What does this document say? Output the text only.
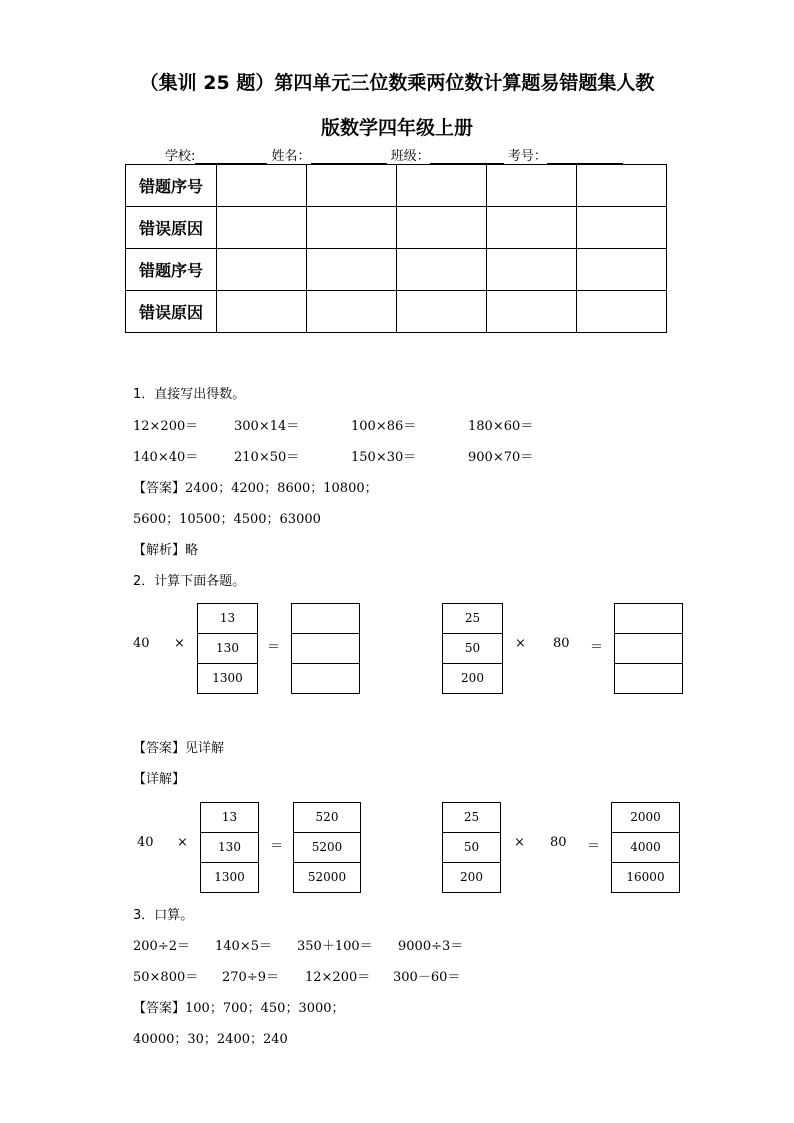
（集训 25 题）第四单元三位数乘两位数计算题易错题集人教
版数学四年级上册
学校:	姓名：	班级：	考号：
错题序号					
错误原因					
错题序号					
错误原因					
1．直接写出得数。
12×200＝	300×14＝	100×86＝	180×60＝
140×40＝	210×50＝	150×30＝	900×70＝
【答案】2400；4200；8600；10800；
5600；10500；4500；63000
【解析】略
2．计算下面各题。
40 ×
13
130
1300
＝
25
50
200
× 80 ＝
【答案】见详解
【详解】
40 ×
13
130
1300
＝
520
5200
52000
25
50
200
× 80 ＝
2000
4000
16000
3．口算。
200÷2＝ 140×5＝ 350＋100＝ 9000÷3＝
50×800＝ 270÷9＝ 12×200＝ 300－60＝
【答案】100；700；450；3000；
40000；30；2400；240
